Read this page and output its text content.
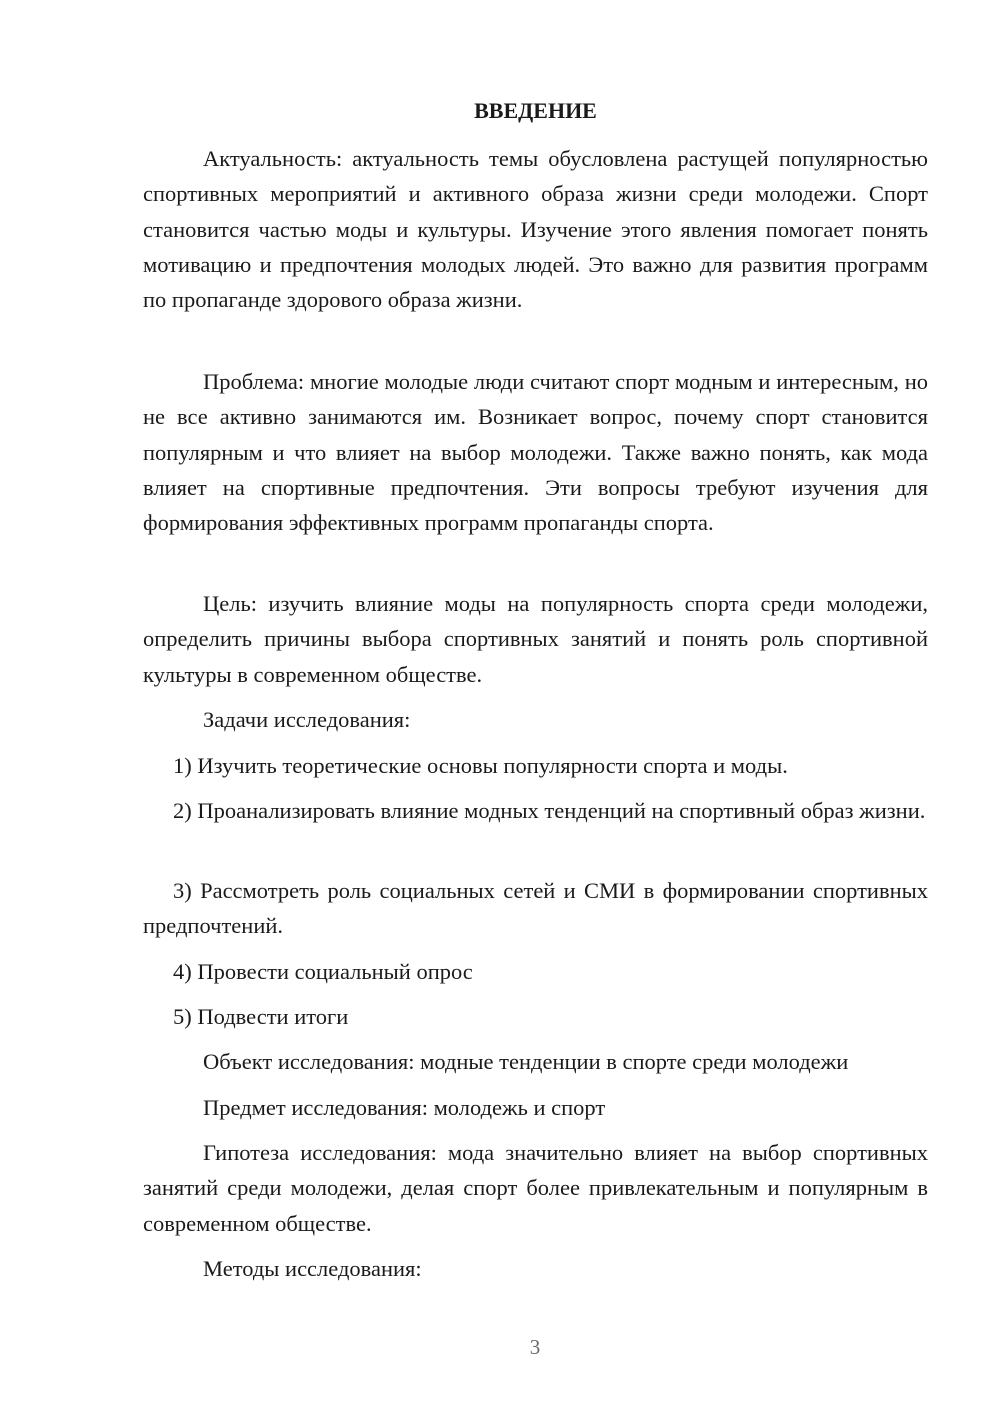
ВВЕДЕНИЕ

Актуальность: актуальность темы обусловлена растущей популярностью спортивных мероприятий и активного образа жизни среди молодежи. Спорт становится частью моды и культуры. Изучение этого явления помогает понять мотивацию и предпочтения молодых людей. Это важно для развития программ по пропаганде здорового образа жизни.

Проблема: многие молодые люди считают спорт модным и интересным, но не все активно занимаются им. Возникает вопрос, почему спорт становится популярным и что влияет на выбор молодежи. Также важно понять, как мода влияет на спортивные предпочтения. Эти вопросы требуют изучения для формирования эффективных программ пропаганды спорта.

Цель: изучить влияние моды на популярность спорта среди молодежи, определить причины выбора спортивных занятий и понять роль спортивной культуры в современном обществе.

Задачи исследования:

1) Изучить теоретические основы популярности спорта и моды.

2) Проанализировать влияние модных тенденций на спортивный образ жизни.

3) Рассмотреть роль социальных сетей и СМИ в формировании спортивных предпочтений.

4) Провести социальный опрос

5) Подвести итоги

Объект исследования: модные тенденции в спорте среди молодежи

Предмет исследования: молодежь и спорт

Гипотеза исследования: мода значительно влияет на выбор спортивных занятий среди молодежи, делая спорт более привлекательным и популярным в современном обществе.

Методы исследования:

3
